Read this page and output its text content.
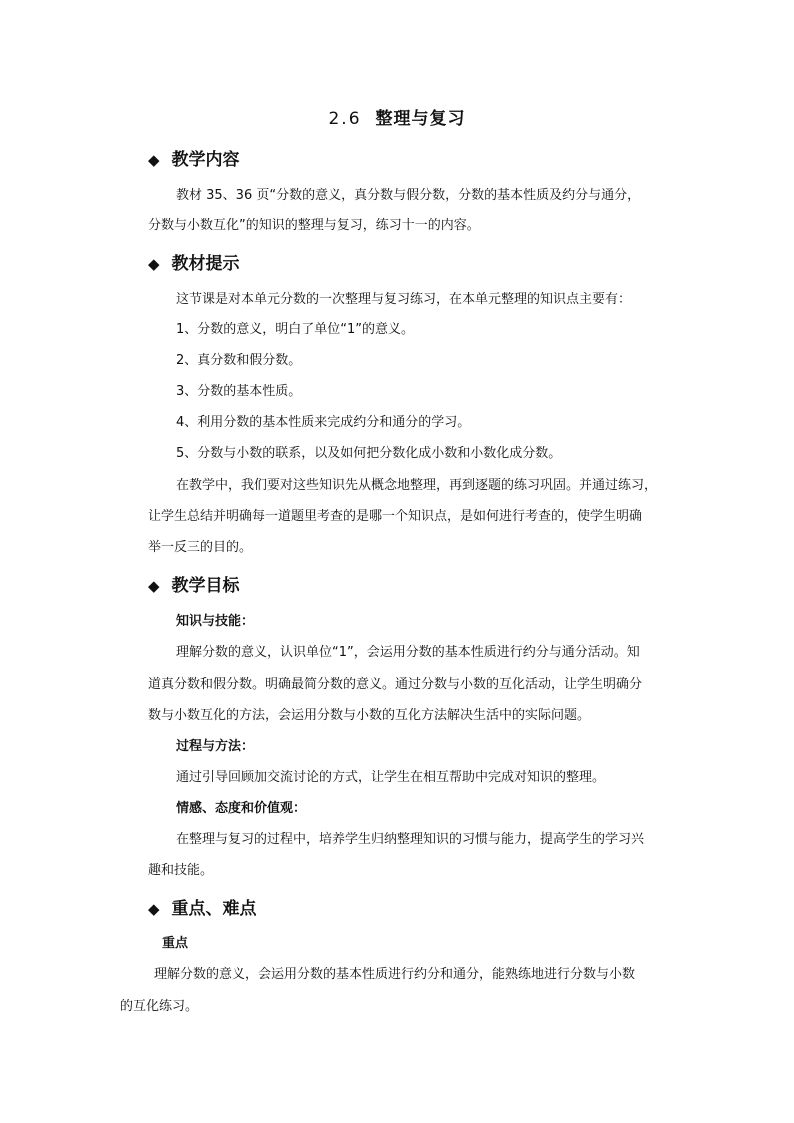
2.6 整理与复习
◆ 教学内容
教材 35、36 页“分数的意义，真分数与假分数，分数的基本性质及约分与通分，
分数与小数互化”的知识的整理与复习，练习十一的内容。
◆ 教材提示
这节课是对本单元分数的一次整理与复习练习，在本单元整理的知识点主要有：
1、分数的意义，明白了单位“1”的意义。
2、真分数和假分数。
3、分数的基本性质。
4、利用分数的基本性质来完成约分和通分的学习。
5、分数与小数的联系，以及如何把分数化成小数和小数化成分数。
在教学中，我们要对这些知识先从概念地整理，再到逐题的练习巩固。并通过练习，
让学生总结并明确每一道题里考查的是哪一个知识点，是如何进行考查的，使学生明确
举一反三的目的。
◆ 教学目标
知识与技能：
理解分数的意义，认识单位“1”，会运用分数的基本性质进行约分与通分活动。知
道真分数和假分数。明确最简分数的意义。通过分数与小数的互化活动，让学生明确分
数与小数互化的方法，会运用分数与小数的互化方法解决生活中的实际问题。
过程与方法：
通过引导回顾加交流讨论的方式，让学生在相互帮助中完成对知识的整理。
情感、态度和价值观：
在整理与复习的过程中，培养学生归纳整理知识的习惯与能力，提高学生的学习兴
趣和技能。
◆ 重点、难点
重点
理解分数的意义，会运用分数的基本性质进行约分和通分，能熟练地进行分数与小数
的互化练习。
